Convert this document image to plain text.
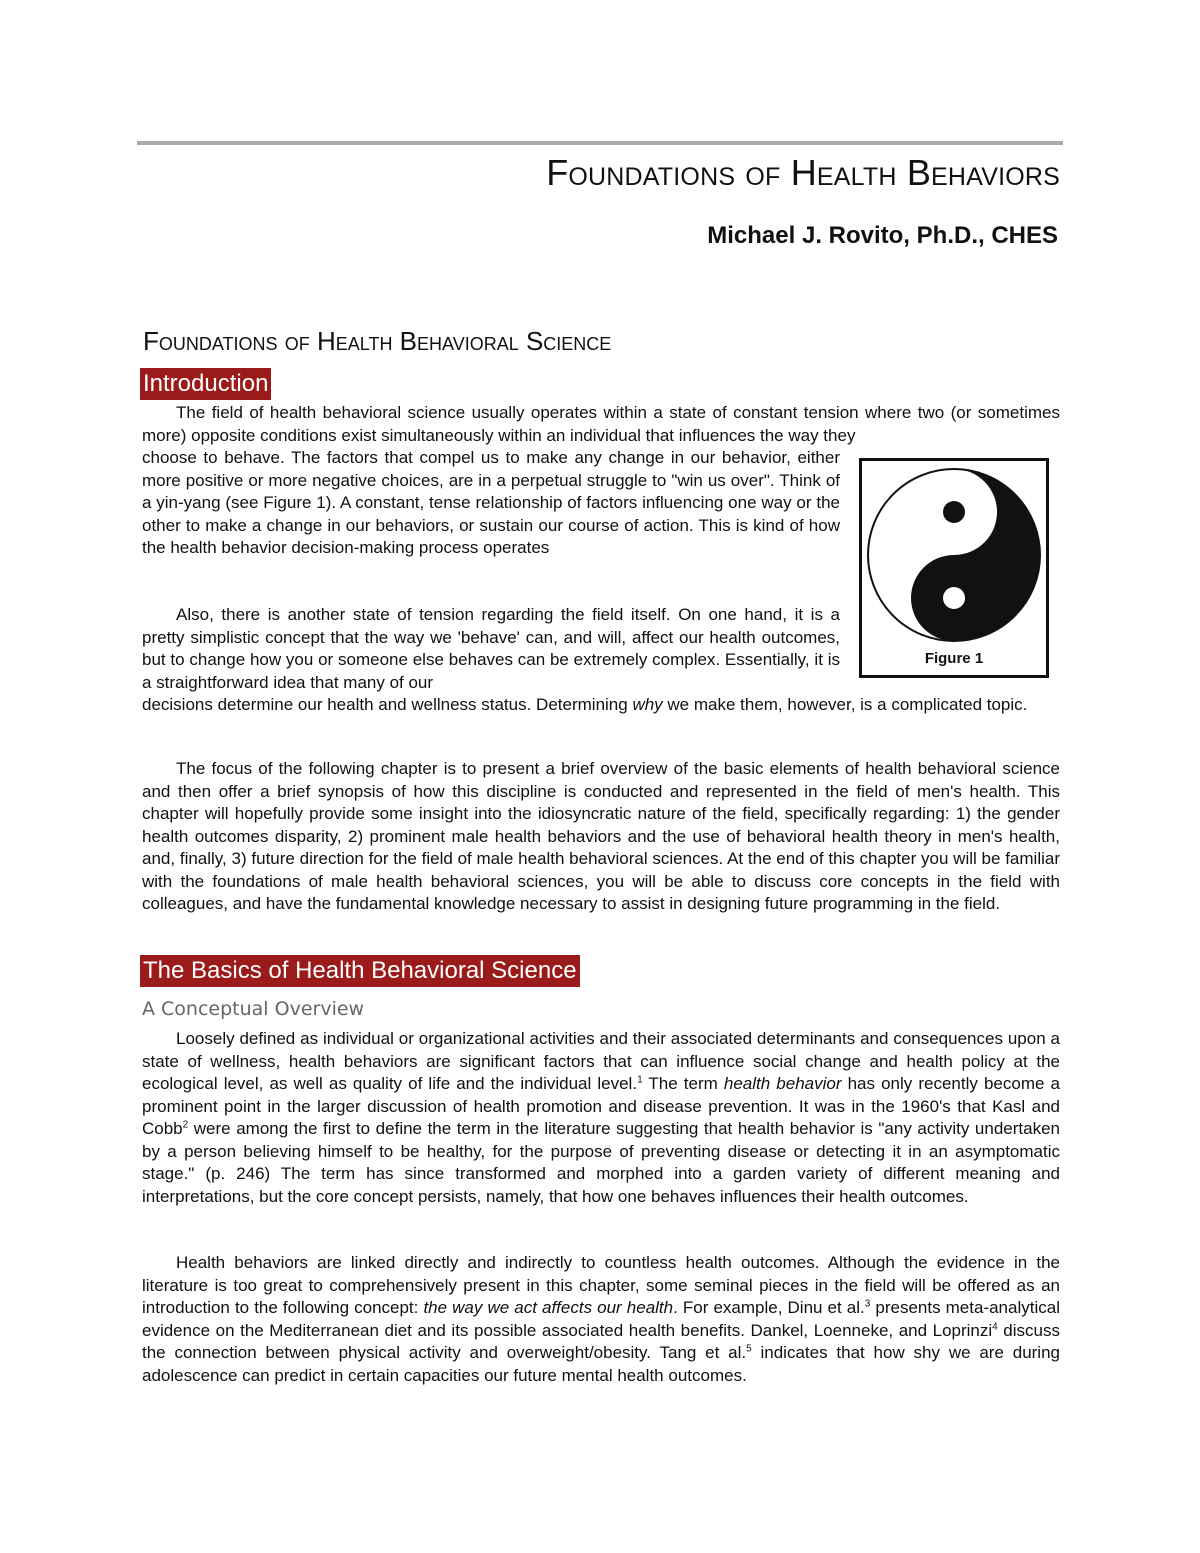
Foundations of Health Behaviors
Michael J. Rovito, Ph.D., CHES
Foundations of Health Behavioral Science
Introduction

The field of health behavioral science usually operates within a state of constant tension where two (or sometimes more) opposite conditions exist simultaneously within an individual that influences the way they

choose to behave. The factors that compel us to make any change in our behavior, either more positive or more negative choices, are in a perpetual struggle to "win us over". Think of a yin-yang (see Figure 1). A constant, tense relationship of factors influencing one way or the other to make a change in our behaviors, or sustain our course of action. This is kind of how the health behavior decision-making process operates

Also, there is another state of tension regarding the field itself. On one hand, it is a pretty simplistic concept that the way we 'behave' can, and will, affect our health outcomes, but to change how you or someone else behaves can be extremely complex. Essentially, it is a straightforward idea that many of our

decisions determine our health and wellness status. Determining why we make them, however, is a complicated topic.

Figure 1

The focus of the following chapter is to present a brief overview of the basic elements of health behavioral science and then offer a brief synopsis of how this discipline is conducted and represented in the field of men's health. This chapter will hopefully provide some insight into the idiosyncratic nature of the field, specifically regarding: 1) the gender health outcomes disparity, 2) prominent male health behaviors and the use of behavioral health theory in men's health, and, finally, 3) future direction for the field of male health behavioral sciences. At the end of this chapter you will be familiar with the foundations of male health behavioral sciences, you will be able to discuss core concepts in the field with colleagues, and have the fundamental knowledge necessary to assist in designing future programming in the field.

The Basics of Health Behavioral Science
A Conceptual Overview

Loosely defined as individual or organizational activities and their associated determinants and consequences upon a state of wellness, health behaviors are significant factors that can influence social change and health policy at the ecological level, as well as quality of life and the individual level.$^1$ The term health behavior has only recently become a prominent point in the larger discussion of health promotion and disease prevention. It was in the 1960's that Kasl and Cobb$^2$ were among the first to define the term in the literature suggesting that health behavior is "any activity undertaken by a person believing himself to be healthy, for the purpose of preventing disease or detecting it in an asymptomatic stage." (p. 246) The term has since transformed and morphed into a garden variety of different meaning and interpretations, but the core concept persists, namely, that how one behaves influences their health outcomes.

Health behaviors are linked directly and indirectly to countless health outcomes. Although the evidence in the literature is too great to comprehensively present in this chapter, some seminal pieces in the field will be offered as an introduction to the following concept: the way we act affects our health. For example, Dinu et al.$^3$ presents meta-analytical evidence on the Mediterranean diet and its possible associated health benefits. Dankel, Loenneke, and Loprinzi$^4$ discuss the connection between physical activity and overweight/obesity. Tang et al.$^5$ indicates that how shy we are during adolescence can predict in certain capacities our future mental health outcomes.
